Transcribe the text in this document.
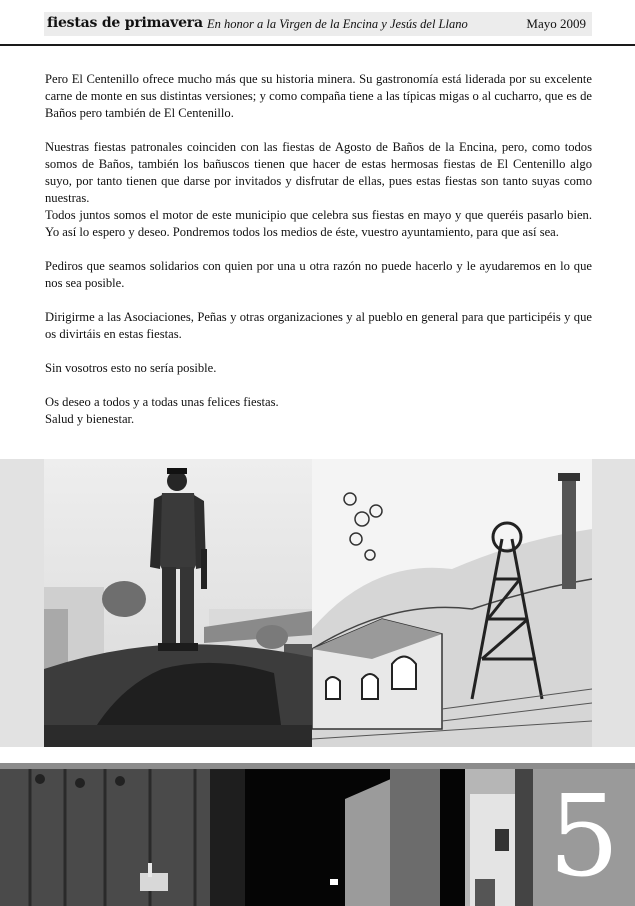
fiestas de primavera En honor a la Virgen de la Encina y Jesús del Llano	Mayo 2009

Pero El Centenillo ofrece mucho más que su historia minera. Su gastronomía está liderada por su excelente carne de monte en sus distintas versiones; y como compaña tiene a las típicas migas o al cucharro, que es de Baños pero también de El Centenillo.

Nuestras fiestas patronales coinciden con las fiestas de Agosto de Baños de la Encina, pero, como todos somos de Baños, también los bañuscos tienen que hacer de estas hermosas fiestas de El Centenillo algo suyo, por tanto tienen que darse por invitados y disfrutar de ellas, pues estas fiestas son tanto suyas como nuestras.

Todos juntos somos el motor de este municipio que celebra sus fiestas en mayo y que queréis pasarlo bien. Yo así lo espero y deseo. Pondremos todos los medios de éste, vuestro ayuntamiento, para que así sea.

Pediros que seamos solidarios con quien por una u otra razón no puede hacerlo y le ayudaremos en lo que nos sea posible.

Dirigirme a las Asociaciones, Peñas y otras organizaciones y al pueblo en general para que participéis y que os divirtáis en estas fiestas.

Sin vosotros esto no sería posible.

Os deseo a todos y a todas unas felices fiestas.

Salud y bienestar.

5
